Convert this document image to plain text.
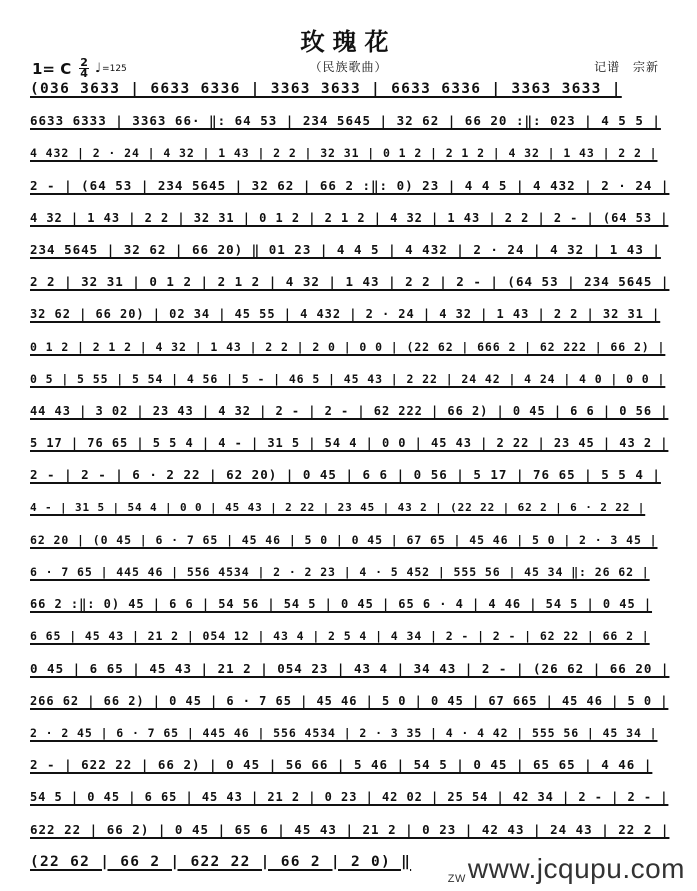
玫瑰花
（民族歌曲）
1= C $\frac{2}{4}$ ♩ =125	记谱 宗新
(036 3633 | 6633 6336 | 3363 3633 | 6633 6336 | 3363 3633 | ·  ·
6633 6333 | 3363 66· ‖: 64 53 | 234 5645 | 32 62 | 66 20 :‖: 023 | 4 5 5 | ·  ·
4 432 | 2 · 24 | 4 32 | 1 43 | 2 2 | 32 31 | 0 1 2 | 2 1 2 | 4 32 | 1 43 | 2 2 | ·  ·
2 - | (64 53 | 234 5645 | 32 62 | 66 2 :‖: 0) 23 | 4 4 5 | 4 432 | 2 · 24 | ·  ·
4 32 | 1 43 | 2 2 | 32 31 | 0 1 2 | 2 1 2 | 4 32 | 1 43 | 2 2 | 2 - | (64 53 | ·  ·
234 5645 | 32 62 | 66 20) ‖ 01 23 | 4 4 5 | 4 432 | 2 · 24 | 4 32 | 1 43 | ·  ·
2 2 | 32 31 | 0 1 2 | 2 1 2 | 4 32 | 1 43 | 2 2 | 2 - | (64 53 | 234 5645 | ·  ·
32 62 | 66 20) | 02 34 | 45 55 | 4 432 | 2 · 24 | 4 32 | 1 43 | 2 2 | 32 31 | ·  ·
0 1 2 | 2 1 2 | 4 32 | 1 43 | 2 2 | 2 0 | 0 0 | (22 62 | 666 2 | 62 222 | 66 2) | ·  ·
0 5 | 5 55 | 5 54 | 4 56 | 5 - | 46 5 | 45 43 | 2 22 | 24 42 | 4 24 | 4 0 | 0 0 | ·  ·
44 43 | 3 02 | 23 43 | 4 32 | 2 - | 2 - | 62 222 | 66 2) | 0 45 | 6 6 | 0 56 | ·  ·
5 17 | 76 65 | 5 5 4 | 4 - | 31 5 | 54 4 | 0 0 | 45 43 | 2 22 | 23 45 | 43 2 | ·  ·
2 - | 2 - | 6 · 2 22 | 62 20) | 0 45 | 6 6 | 0 56 | 5 17 | 76 65 | 5 5 4 | ·  ·
4 - | 31 5 | 54 4 | 0 0 | 45 43 | 2 22 | 23 45 | 43 2 | (22 22 | 62 2 | 6 · 2 22 | ·  ·
62 20 | (0 45 | 6 · 7 65 | 45 46 | 5 0 | 0 45 | 67 65 | 45 46 | 5 0 | 2 · 3 45 | ·  ·
6 · 7 65 | 445 46 | 556 4534 | 2 · 2 23 | 4 · 5 452 | 555 56 | 45 34 ‖: 26 62 | ·  ·
66 2 :‖: 0) 45 | 6 6 | 54 56 | 54 5 | 0 45 | 65 6 · 4 | 4 46 | 54 5 | 0 45 | ·  ·
6 65 | 45 43 | 21 2 | 054 12 | 43 4 | 2 5 4 | 4 34 | 2 - | 2 - | 62 22 | 66 2 | ·  ·
0 45 | 6 65 | 45 43 | 21 2 | 054 23 | 43 4 | 34 43 | 2 - | (26 62 | 66 20 | ·  ·
266 62 | 66 2) | 0 45 | 6 · 7 65 | 45 46 | 5 0 | 0 45 | 67 665 | 45 46 | 5 0 | ·  ·
2 · 2 45 | 6 · 7 65 | 445 46 | 556 4534 | 2 · 3 35 | 4 · 4 42 | 555 56 | 45 34 | ·  ·
2 - | 622 22 | 66 2) | 0 45 | 56 66 | 5 46 | 54 5 | 0 45 | 65 65 | 4 46 | ·  ·
54 5 | 0 45 | 6 65 | 45 43 | 21 2 | 0 23 | 42 02 | 25 54 | 42 34 | 2 - | 2 - | ·  ·
622 22 | 66 2) | 0 45 | 65 6 | 45 43 | 21 2 | 0 23 | 42 43 | 24 43 | 22 2 | ·  ·
(22 62 | 66 2 | 622 22 | 66 2 | 2 0) ‖ ·  ·
ZWwww.jcqupu.com
